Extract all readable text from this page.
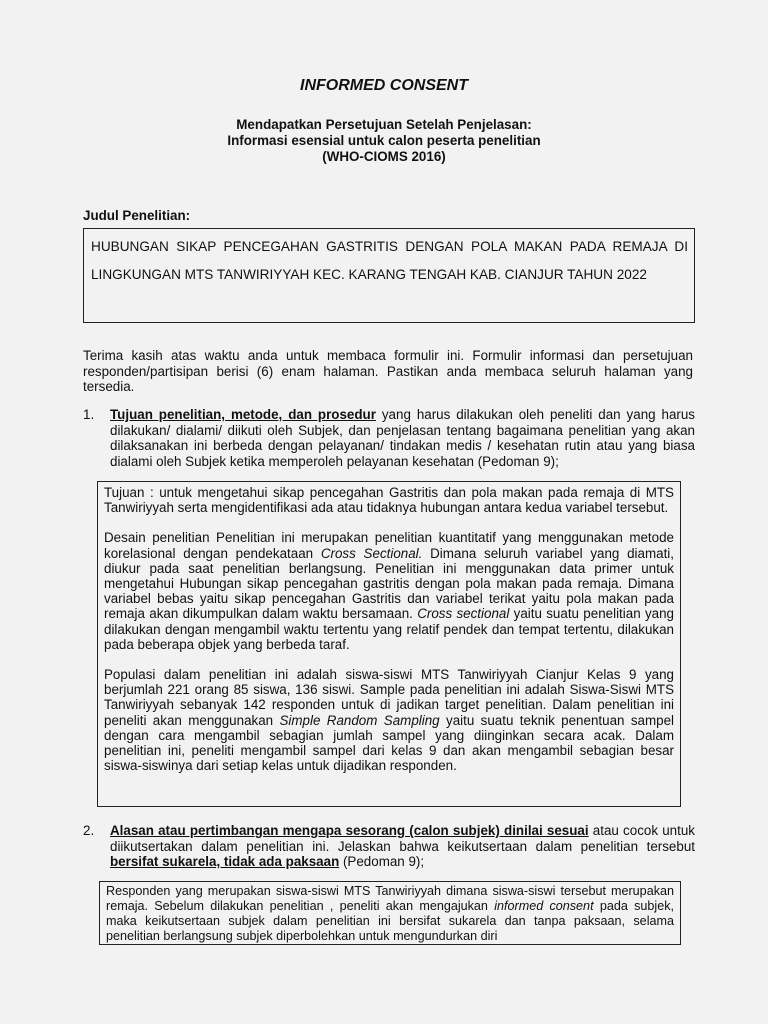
INFORMED CONSENT
Mendapatkan Persetujuan Setelah Penjelasan:
Informasi esensial untuk calon peserta penelitian
(WHO-CIOMS 2016)
Judul Penelitian:
HUBUNGAN SIKAP PENCEGAHAN GASTRITIS DENGAN POLA MAKAN PADA REMAJA DI LINGKUNGAN MTS TANWIRIYYAH KEC. KARANG TENGAH KAB. CIANJUR TAHUN 2022
Terima kasih atas waktu anda untuk membaca formulir ini. Formulir informasi dan persetujuan responden/partisipan berisi (6) enam halaman. Pastikan anda membaca seluruh halaman yang tersedia.
1. Tujuan penelitian, metode, dan prosedur yang harus dilakukan oleh peneliti dan yang harus dilakukan/ dialami/ diikuti oleh Subjek, dan penjelasan tentang bagaimana penelitian yang akan dilaksanakan ini berbeda dengan pelayanan/ tindakan medis / kesehatan rutin atau yang biasa dialami oleh Subjek ketika memperoleh pelayanan kesehatan (Pedoman 9);

Tujuan : untuk mengetahui sikap pencegahan Gastritis dan pola makan pada remaja di MTS Tanwiriyyah serta mengidentifikasi ada atau tidaknya hubungan antara kedua variabel tersebut.

Desain penelitian Penelitian ini merupakan penelitian kuantitatif yang menggunakan metode korelasional dengan pendekataan Cross Sectional. Dimana seluruh variabel yang diamati, diukur pada saat penelitian berlangsung. Penelitian ini menggunakan data primer untuk mengetahui Hubungan sikap pencegahan gastritis dengan pola makan pada remaja. Dimana variabel bebas yaitu sikap pencegahan Gastritis dan variabel terikat yaitu pola makan pada remaja akan dikumpulkan dalam waktu bersamaan. Cross sectional yaitu suatu penelitian yang dilakukan dengan mengambil waktu tertentu yang relatif pendek dan tempat tertentu, dilakukan pada beberapa objek yang berbeda taraf.

Populasi dalam penelitian ini adalah siswa-siswi MTS Tanwiriyyah Cianjur Kelas 9 yang berjumlah 221 orang 85 siswa, 136 siswi. Sample pada penelitian ini adalah Siswa-Siswi MTS Tanwiriyyah sebanyak 142 responden untuk di jadikan target penelitian. Dalam penelitian ini peneliti akan menggunakan Simple Random Sampling yaitu suatu teknik penentuan sampel dengan cara mengambil sebagian jumlah sampel yang diinginkan secara acak. Dalam penelitian ini, peneliti mengambil sampel dari kelas 9 dan akan mengambil sebagian besar siswa-siswinya dari setiap kelas untuk dijadikan responden.

2. Alasan atau pertimbangan mengapa sesorang (calon subjek) dinilai sesuai atau cocok untuk diikutsertakan dalam penelitian ini. Jelaskan bahwa keikutsertaan dalam penelitian tersebut bersifat sukarela, tidak ada paksaan (Pedoman 9);
Responden yang merupakan siswa-siswi MTS Tanwiriyyah dimana siswa-siswi tersebut merupakan remaja. Sebelum dilakukan penelitian , peneliti akan mengajukan informed consent pada subjek, maka keikutsertaan subjek dalam penelitian ini bersifat sukarela dan tanpa paksaan, selama penelitian berlangsung subjek diperbolehkan untuk mengundurkan diri
